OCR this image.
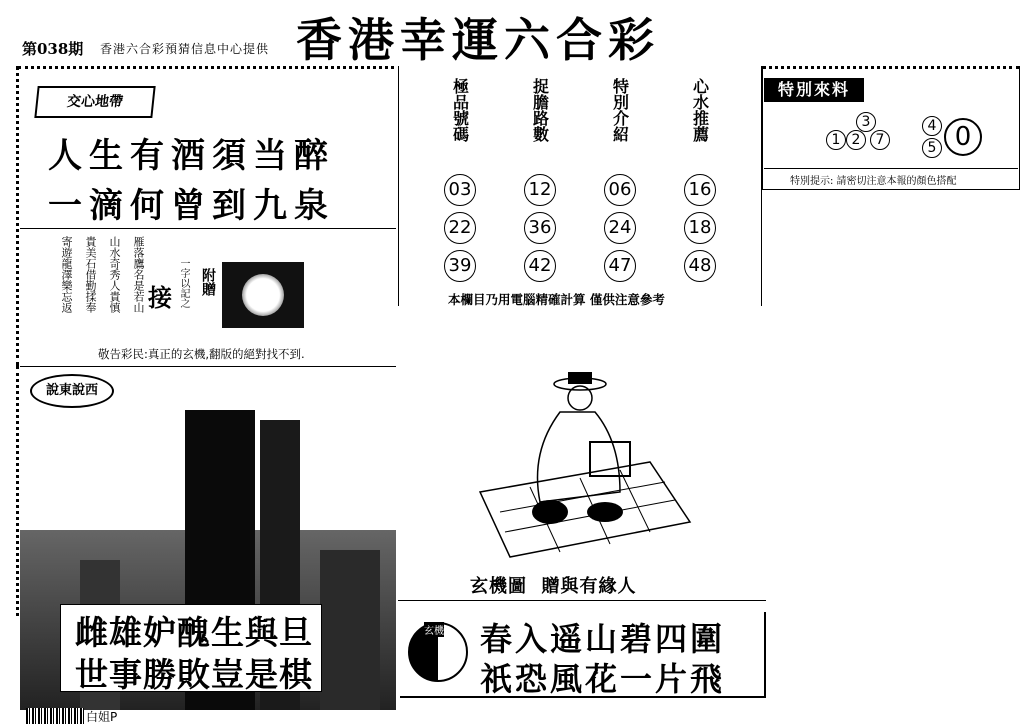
第038期 香港六合彩預猜信息中心提供 香港幸運六合彩
交心地帶
人生有酒須当醉
一滴何曾到九泉
雁落鷹名是若山
山水奇秀人貴慎
貴美石借勤揉奉
寄遊龍澤樂忘返	接 一字以記之 附贈
敬告彩民:真正的玄機,翻版的絕對找不到.
說東說西
雌雄妒醜生與旦
世事勝敗豈是棋
極品號碼
03
22
39
捉膽路數
12
36
42
特別介紹
06
24
47
心水推薦
16
18
48
本欄目乃用電腦精確計算 僅供注意參考
玄機圖  贈與有緣人
特別來料
3
1 2	7
4
5 0
特別提示: 請密切注意本報的顏色搭配
玄機 春入遥山碧四圍
祇恐風花一片飛
白姐P
